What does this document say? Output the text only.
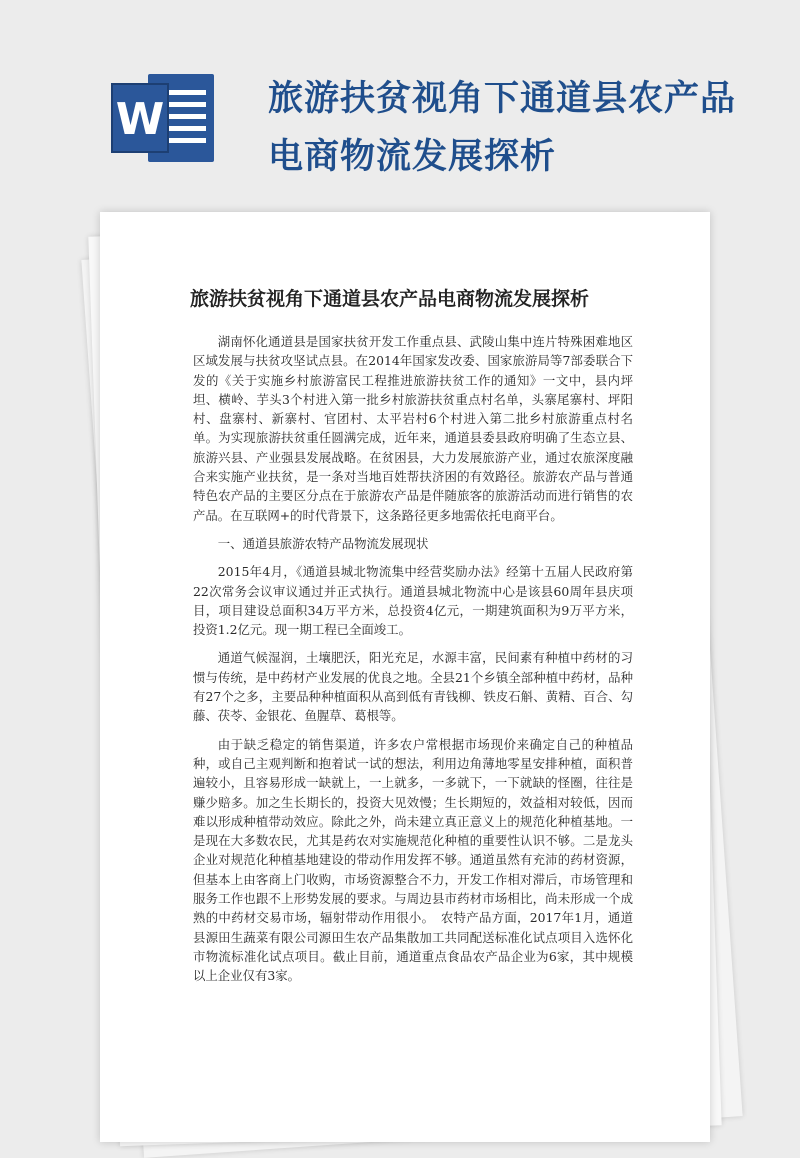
W	旅游扶贫视角下通道县农产品电商物流发展探析
旅游扶贫视角下通道县农产品电商物流发展探析

湖南怀化通道县是国家扶贫开发工作重点县、武陵山集中连片特殊困难地区区域发展与扶贫攻坚试点县。在2014年国家发改委、国家旅游局等7部委联合下发的《关于实施乡村旅游富民工程推进旅游扶贫工作的通知》一文中，县内坪坦、横岭、芋头3个村进入第一批乡村旅游扶贫重点村名单，头寨尾寨村、坪阳村、盘寨村、新寨村、官团村、太平岩村6个村进入第二批乡村旅游重点村名单。为实现旅游扶贫重任圆满完成，近年来，通道县委县政府明确了生态立县、旅游兴县、产业强县发展战略。在贫困县，大力发展旅游产业，通过农旅深度融合来实施产业扶贫，是一条对当地百姓帮扶济困的有效路径。旅游农产品与普通特色农产品的主要区分点在于旅游农产品是伴随旅客的旅游活动而进行销售的农产品。在互联网+的时代背景下，这条路径更多地需依托电商平台。

一、通道县旅游农特产品物流发展现状

2015年4月，《通道县城北物流集中经营奖励办法》经第十五届人民政府第22次常务会议审议通过并正式执行。通道县城北物流中心是该县60周年县庆项目，项目建设总面积34万平方米，总投资4亿元，一期建筑面积为9万平方米，投资1.2亿元。现一期工程已全面竣工。

通道气候湿润，土壤肥沃，阳光充足，水源丰富，民间素有种植中药材的习惯与传统，是中药材产业发展的优良之地。全县21个乡镇全部种植中药材，品种有27个之多，主要品种种植面积从高到低有青钱柳、铁皮石斛、黄精、百合、勾藤、茯苓、金银花、鱼腥草、葛根等。

由于缺乏稳定的销售渠道，许多农户常根据市场现价来确定自己的种植品种，或自己主观判断和抱着试一试的想法，利用边角薄地零星安排种植，面积普遍较小，且容易形成一缺就上，一上就多，一多就下，一下就缺的怪圈，往往是赚少赔多。加之生长期长的，投资大见效慢；生长期短的，效益相对较低，因而难以形成种植带动效应。除此之外，尚未建立真正意义上的规范化种植基地。一是现在大多数农民，尤其是药农对实施规范化种植的重要性认识不够。二是龙头企业对规范化种植基地建设的带动作用发挥不够。通道虽然有充沛的药材资源，但基本上由客商上门收购，市场资源整合不力，开发工作相对滞后，市场管理和服务工作也跟不上形势发展的要求。与周边县市药材市场相比，尚未形成一个成熟的中药材交易市场，辐射带动作用很小。　农特产品方面，2017年1月，通道县源田生蔬菜有限公司源田生农产品集散加工共同配送标准化试点项目入选怀化市物流标准化试点项目。截止目前，通道重点食品农产品企业为6家，其中规模以上企业仅有3家。
